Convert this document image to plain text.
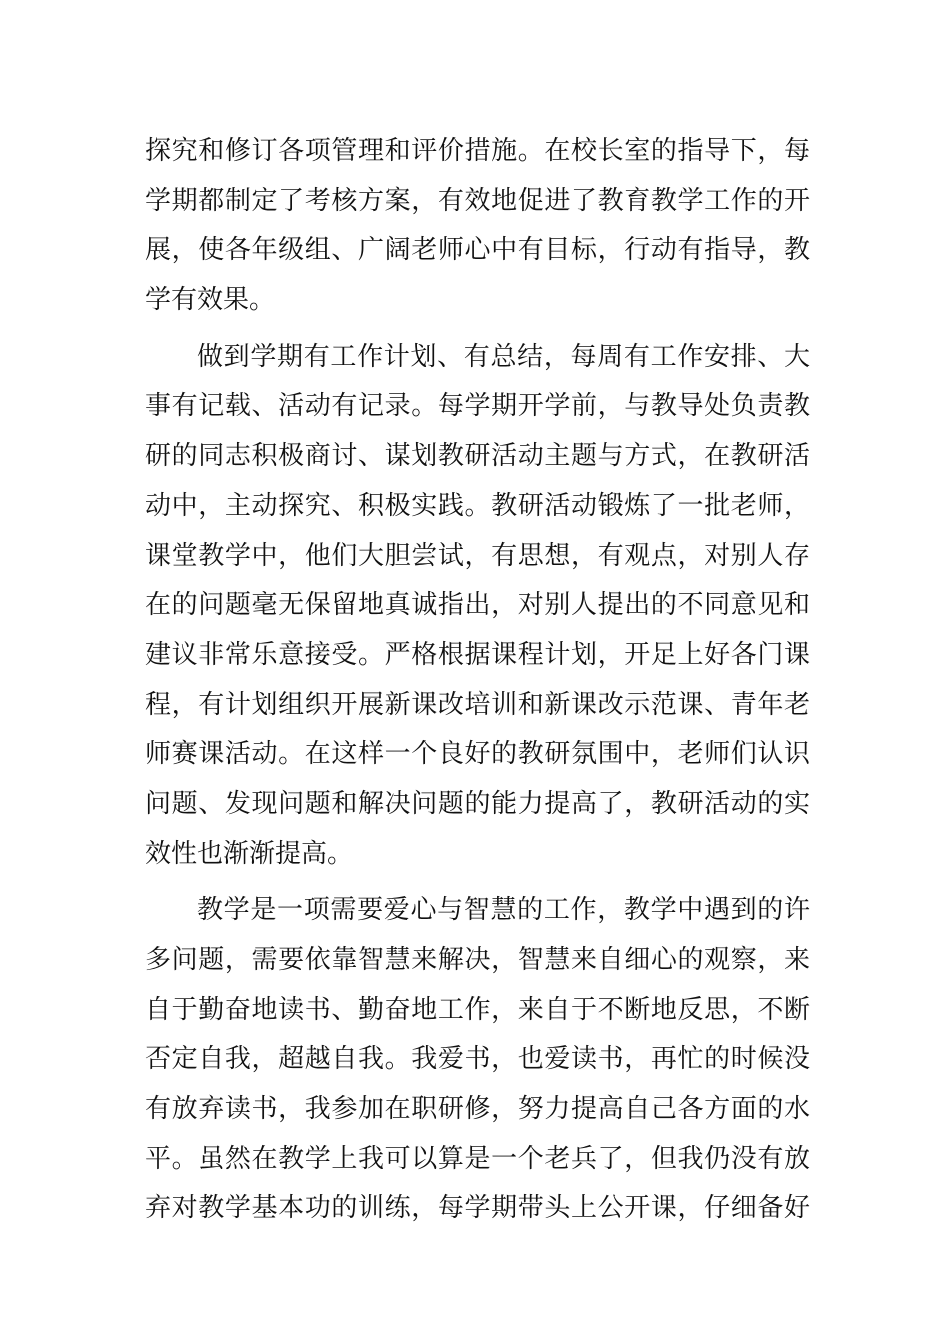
探究和修订各项管理和评价措施。在校长室的指导下，每
学期都制定了考核方案，有效地促进了教育教学工作的开
展，使各年级组、广阔老师心中有目标，行动有指导，教
学有效果。
做到学期有工作计划、有总结，每周有工作安排、大
事有记载、活动有记录。每学期开学前，与教导处负责教
研的同志积极商讨、谋划教研活动主题与方式，在教研活
动中，主动探究、积极实践。教研活动锻炼了一批老师，
课堂教学中，他们大胆尝试，有思想，有观点，对别人存
在的问题毫无保留地真诚指出，对别人提出的不同意见和
建议非常乐意接受。严格根据课程计划，开足上好各门课
程，有计划组织开展新课改培训和新课改示范课、青年老
师赛课活动。在这样一个良好的教研氛围中，老师们认识
问题、发现问题和解决问题的能力提高了，教研活动的实
效性也渐渐提高。
教学是一项需要爱心与智慧的工作，教学中遇到的许
多问题，需要依靠智慧来解决，智慧来自细心的观察，来
自于勤奋地读书、勤奋地工作，来自于不断地反思，不断
否定自我，超越自我。我爱书，也爱读书，再忙的时候没
有放弃读书，我参加在职研修，努力提高自己各方面的水
平。虽然在教学上我可以算是一个老兵了，但我仍没有放
弃对教学基本功的训练，每学期带头上公开课，仔细备好
